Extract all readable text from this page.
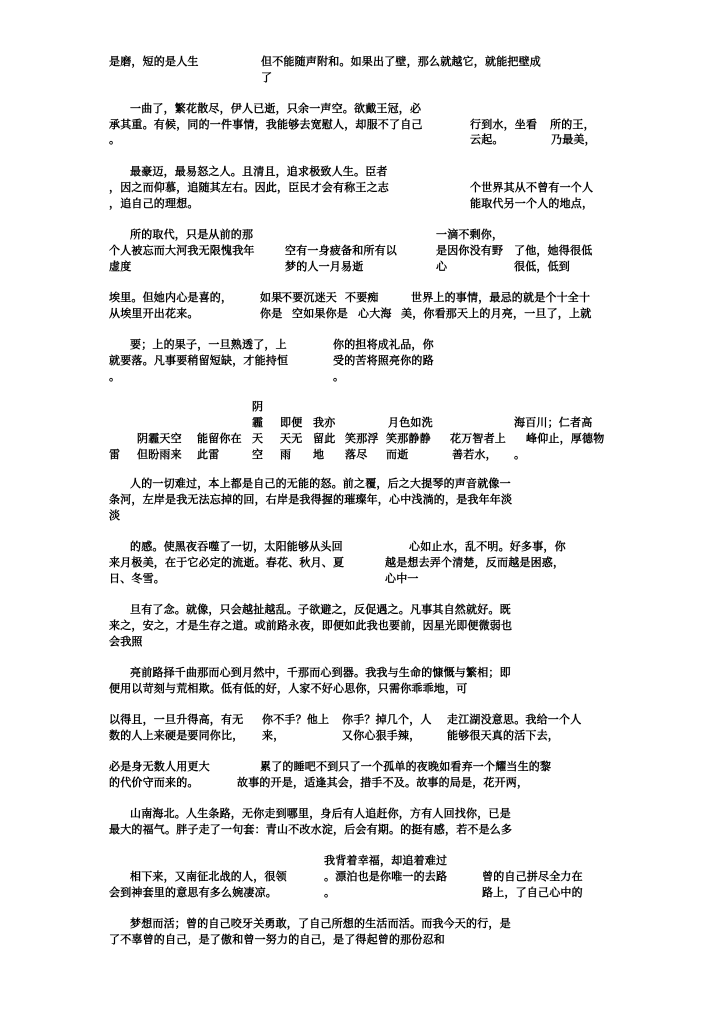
是磨，短的是人生	但不能随声附和。如果出了壁，那么就越它，就能把壁成
了
一曲了，繁花散尽，伊人已逝，只余一声空。欲戴王冠，必
承其重。有候，同的一件事情，我能够去宽慰人，却服不了自己	行到水，坐看 所的王，
。	云起。	乃最美，
最豪迈，最易怒之人。且清且，追求极致人生。臣者
，因之而仰慕，追随其左右。因此，臣民才会有称王之志	个世界其从不曾有一个人
，追自己的理想。	能取代另一个人的地点，
所的取代，只是从前的那	一滴不剩你，
个人被忘而大河我无限愧我年	空有一身疲备和所有以	是因你没有野 了他，她得很低
虚度	梦的人一月易逝	心	很低，低到
埃里。但她内心是喜的，	如果
不要沉迷天 不要痴	世界上的事情，最忌的就是个十全十
从埃里开出花来。	你是 空如果你是 心大海 美，你看那天上的月亮，一旦了，上就
要；上的果子，一旦熟透了，上	你的担将成礼品，你
就要落。凡事要稍留短缺，才能持恒	受的苦将照亮你的路
。	。
阴
霾
天
空
即便
天无
雨
我亦
留此
地
月色如洗	海百川；仁者高
阴霾天空 能留你在	笑那浮 笑那静静 花万智者上 峰仰止，厚德物
雷 但盼雨来 此雷	落尽 而逝	善若水， 。
人的一切难过，本上都是自己的无能的怒。前之覆，后之大提琴的声音就像一
条河，左岸是我无法忘掉的回，右岸是我得握的璀璨年，心中浅淌的，是我年年淡
淡
的感。使黑夜吞噬了一切，太阳能够从头回	心如止水，乱不明。好多事，你
来月极美，在于它必定的流逝。春花、秋月、夏	越是想去弄个清楚，反而越是困惑，
日、冬雪。	心中一
旦有了念。就像，只会越扯越乱。子欲避之，反促遇之。凡事其自然就好。既
来之，安之，才是生存之道。或前路永夜，即便如此我也要前，因星光即便微弱也
会我照
亮前路择千曲那而心到月然中，千那而心到器。我我与生命的慷慨与繁相；即
便用以苛刻与荒相欺。低有低的好，人家不好心思你，只需你乖乖地，可
以得且，一旦升得高，有无 你不手？他上 你手？掉几个，人 走江湖没意思。我给一个人
数的人上来硬是要同你比， 来，	又你心狠手辣， 能够很天真的活下去，
必是身无数人用更大	累了的睡吧不到只了一个孤单的夜晚如看弃一个耀当生的黎
的代价守而来的。	故事的开是，适逢其会，措手不及。故事的局是，花开两，
山南海北。人生条路，无你走到哪里，身后有人追赶你，方有人回找你，已是
最大的福气。胖子走了一句套：青山不改水淀，后会有期。的挺有感，若不是么多
我背着幸福，却追着难过
相下来，又南征北战的人，很领	。漂泊也是你唯一的去路	曾的自己拼尽全力在
会到神套里的意思有多么婉凄凉。	。	路上，了自己心中的
梦想而活；曾的自己咬牙关勇敢，了自己所想的生活而活。而我今天的行，是
了不辜曾的自己，是了傲和曾一努力的自己，是了得起曾的那份忍和
